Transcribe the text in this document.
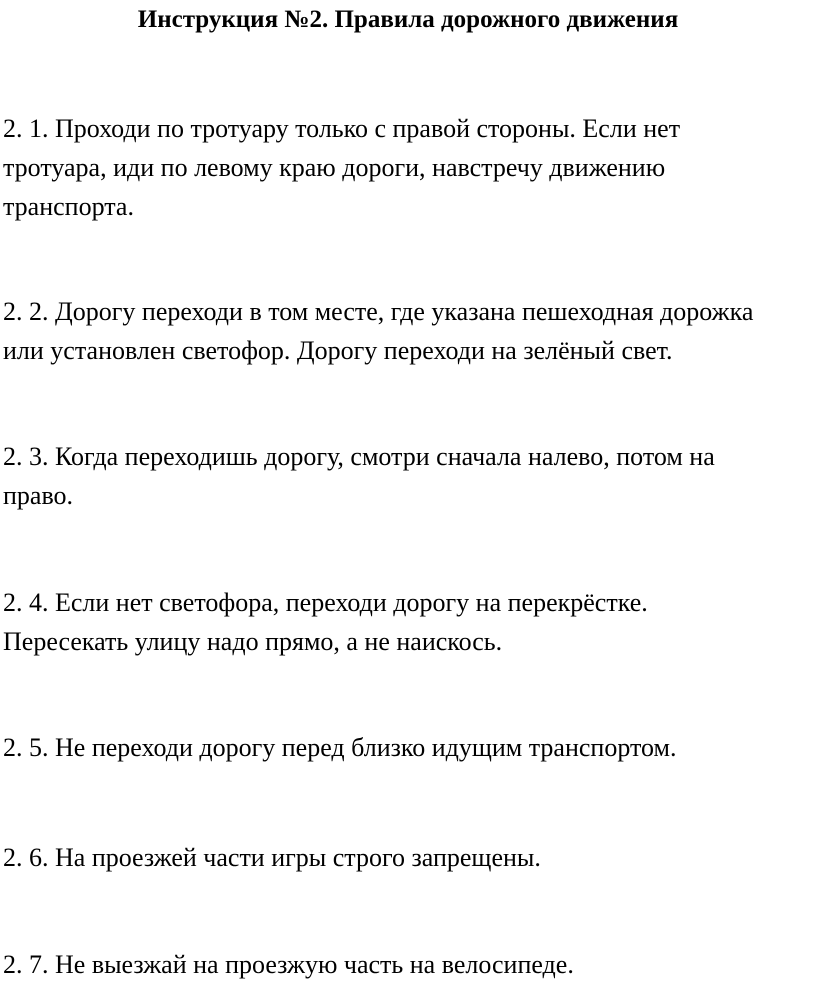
Инструкция №2. Правила дорожного движения
2. 1. Проходи по тротуару только с правой стороны. Если нет
тротуара, иди по левому краю дороги, навстречу движению
транспорта.
2. 2. Дорогу переходи в том месте, где указана пешеходная дорожка
или установлен светофор. Дорогу переходи на зелёный свет.
2. 3. Когда переходишь дорогу, смотри сначала налево, потом на
право.
2. 4. Если нет светофора, переходи дорогу на перекрёстке.
Пересекать улицу надо прямо, а не наискось.
2. 5. Не переходи дорогу перед близко идущим транспортом.
2. 6. На проезжей части игры строго запрещены.
2. 7. Не выезжай на проезжую часть на велосипеде.
